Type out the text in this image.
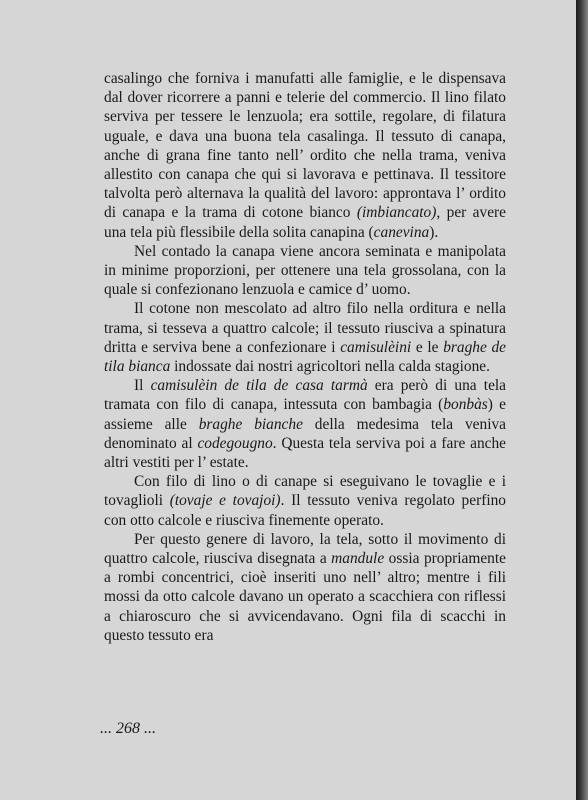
casalingo che forniva i manufatti alle famiglie, e le dispensava dal dover ricorrere a panni e telerie del commercio. Il lino filato serviva per tessere le lenzuola; era sottile, regolare, di filatura uguale, e dava una buona tela casalinga. Il tessuto di canapa, anche di grana fine tanto nell’ ordito che nella trama, veniva allestito con canapa che qui si lavorava e pettinava. Il tessitore talvolta però alternava la qualità del lavoro: approntava l’ ordito di canapa e la trama di cotone bianco (imbiancato), per avere una tela più flessibile della solita canapina (canevina).

Nel contado la canapa viene ancora seminata e manipolata in minime proporzioni, per ottenere una tela grossolana, con la quale si confezionano lenzuola e camice d’ uomo.

Il cotone non mescolato ad altro filo nella orditura e nella trama, si tesseva a quattro calcole; il tessuto riusciva a spinatura dritta e serviva bene a confezionare i camisulèini e le braghe de tila bianca indossate dai nostri agricoltori nella calda stagione.

Il camisulèin de tila de casa tarmà era però di una tela tramata con filo di canapa, intessuta con bambagia (bonbàs) e assieme alle braghe bianche della medesima tela veniva denominato al codegougno. Questa tela serviva poi a fare anche altri vestiti per l’ estate.

Con filo di lino o di canape si eseguivano le tovaglie e i tovaglioli (tovaje e tovajoi). Il tessuto veniva regolato perfino con otto calcole e riusciva finemente operato.

Per questo genere di lavoro, la tela, sotto il movimento di quattro calcole, riusciva disegnata a mandule ossia propriamente a rombi concentrici, cioè inseriti uno nell’ altro; mentre i fili mossi da otto calcole davano un operato a scacchiera con riflessi a chiaroscuro che si avvicendavano. Ogni fila di scacchi in questo tessuto era

... 268 ...
